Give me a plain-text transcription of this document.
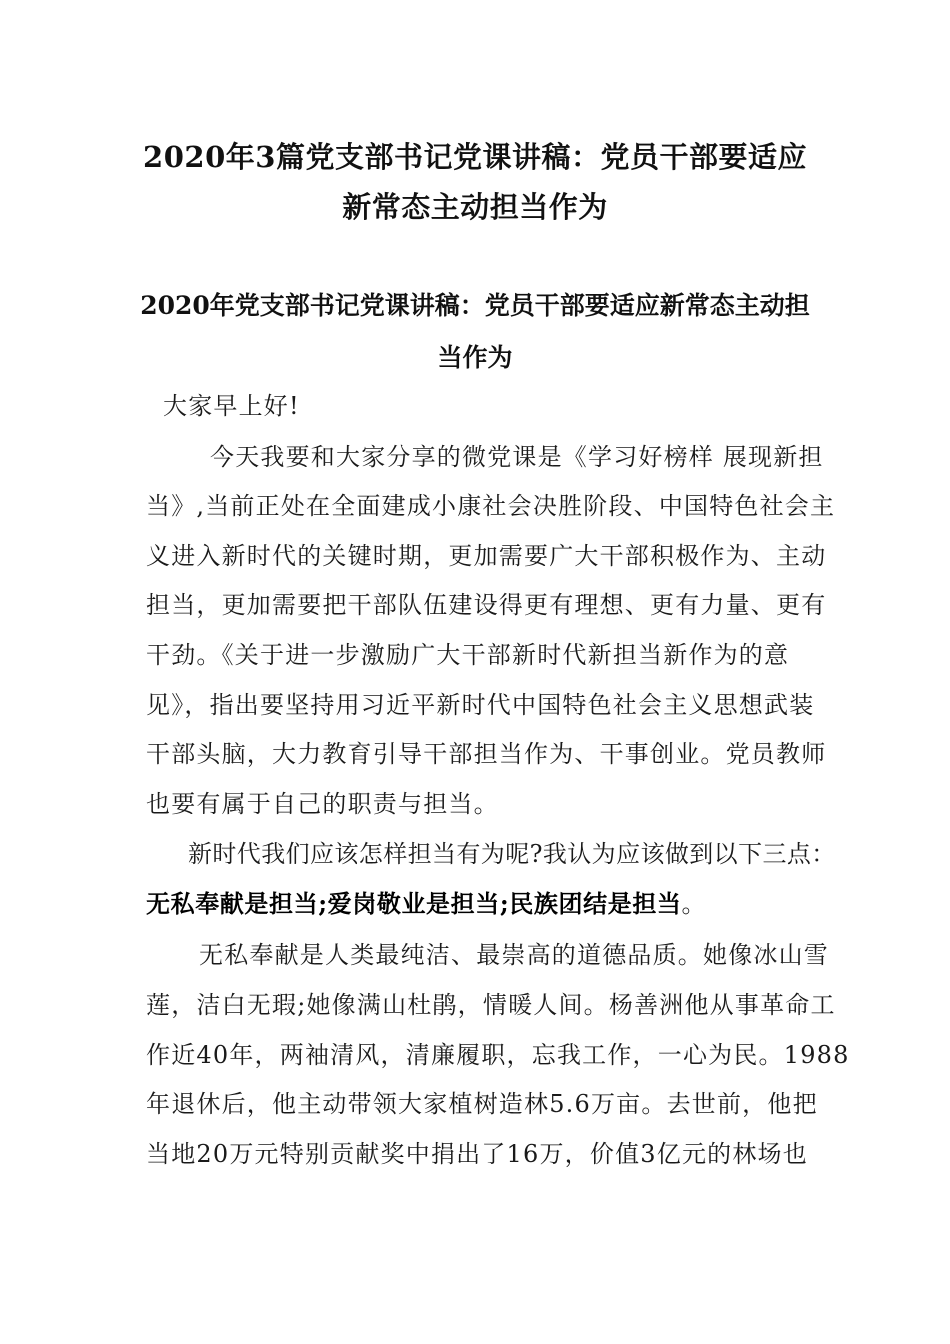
2020年3篇党支部书记党课讲稿：党员干部要适应
新常态主动担当作为
2020年党支部书记党课讲稿：党员干部要适应新常态主动担
当作为
大家早上好!
今天我要和大家分享的微党课是《学习好榜样 展现新担
当》,当前正处在全面建成小康社会决胜阶段、中国特色社会主
义进入新时代的关键时期，更加需要广大干部积极作为、主动
担当，更加需要把干部队伍建设得更有理想、更有力量、更有
干劲。《关于进一步激励广大干部新时代新担当新作为的意
见》，指出要坚持用习近平新时代中国特色社会主义思想武装
干部头脑，大力教育引导干部担当作为、干事创业。党员教师
也要有属于自己的职责与担当。
新时代我们应该怎样担当有为呢?我认为应该做到以下三点：
无私奉献是担当;爱岗敬业是担当;民族团结是担当。
无私奉献是人类最纯洁、最崇高的道德品质。她像冰山雪
莲，洁白无瑕;她像满山杜鹃，情暖人间。杨善洲他从事革命工
作近40年，两袖清风，清廉履职，忘我工作，一心为民。1988
年退休后，他主动带领大家植树造林5.6万亩。去世前，他把
当地20万元特别贡献奖中捐出了16万，价值3亿元的林场也
